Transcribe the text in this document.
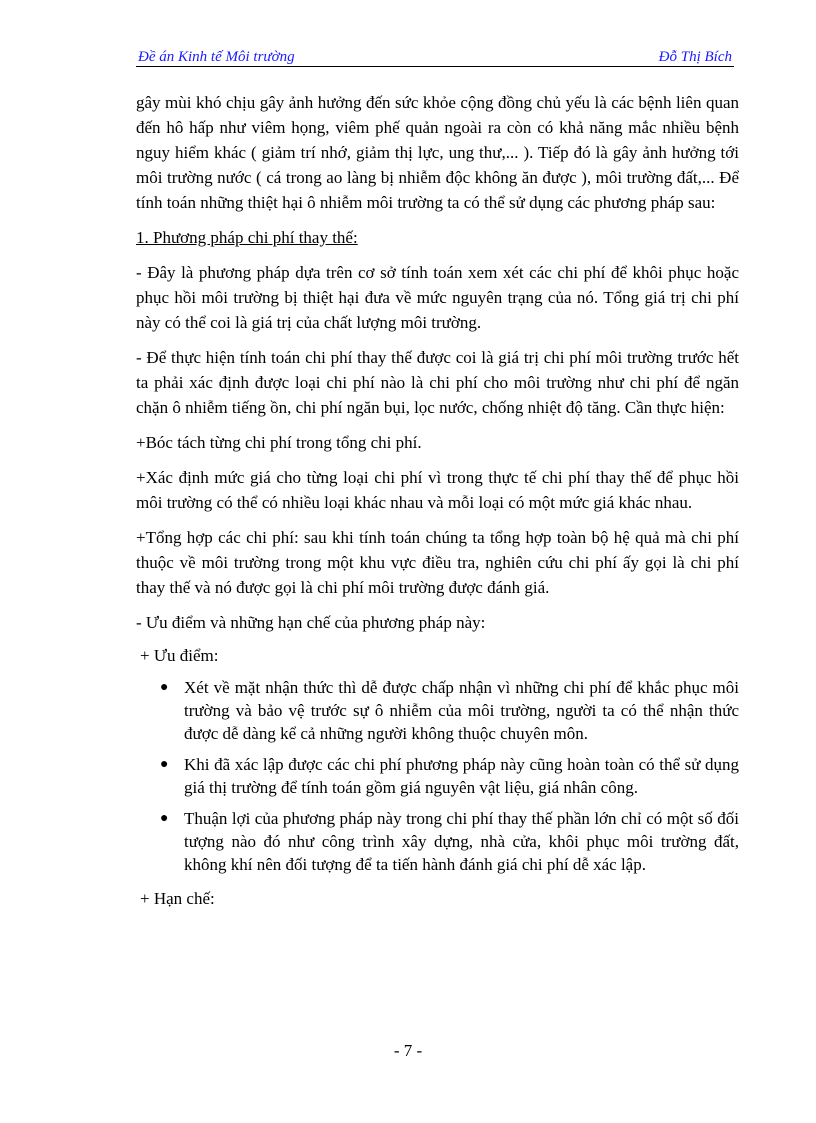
Đề án Kinh tế Môi trường	Đỗ Thị Bích

gây mùi khó chịu gây ảnh hưởng đến sức khỏe cộng đồng chủ yếu là các bệnh liên quan đến hô hấp như viêm họng, viêm phế quản ngoài ra còn có khả năng mắc nhiều bệnh nguy hiểm khác ( giảm trí nhớ, giảm thị lực, ung thư,... ). Tiếp đó là gây ảnh hưởng tới môi trường nước ( cá trong ao làng bị nhiễm độc không ăn được ), môi trường đất,... Để tính toán những thiệt hại ô nhiễm môi trường ta có thể sử dụng các phương pháp sau:

1. Phương pháp chi phí thay thế:

- Đây là phương pháp dựa trên cơ sở tính toán xem xét các chi phí để khôi phục hoặc phục hồi môi trường bị thiệt hại đưa về mức nguyên trạng của nó. Tổng giá trị chi phí này có thể coi là giá trị của chất lượng môi trường.

- Để thực hiện tính toán chi phí thay thế được coi là giá trị chi phí môi trường trước hết ta phải xác định được loại chi phí nào là chi phí cho môi trường như chi phí để ngăn chặn ô nhiễm tiếng ồn, chi phí ngăn bụi, lọc nước, chống nhiệt độ tăng. Cần thực hiện:

+Bóc tách từng chi phí trong tổng chi phí.

+Xác định mức giá cho từng loại chi phí vì trong thực tế chi phí thay thế để phục hồi môi trường có thể có nhiều loại khác nhau và mỗi loại có một mức giá khác nhau.

+Tổng hợp các chi phí: sau khi tính toán chúng ta tổng hợp toàn bộ hệ quả mà chi phí thuộc về môi trường trong một khu vực điều tra, nghiên cứu chi phí ấy gọi là chi phí thay thế và nó được gọi là chi phí môi trường được đánh giá.

- Ưu điểm và những hạn chế của phương pháp này:

+ Ưu điểm:

● Xét về mặt nhận thức thì dễ được chấp nhận vì những chi phí để khắc phục môi trường và bảo vệ trước sự ô nhiễm của môi trường, người ta có thể nhận thức được dễ dàng kể cả những người không thuộc chuyên môn.
● Khi đã xác lập được các chi phí phương pháp này cũng hoàn toàn có thể sử dụng giá thị trường để tính toán gồm giá nguyên vật liệu, giá nhân công.
● Thuận lợi của phương pháp này trong chi phí thay thế phần lớn chỉ có một số đối tượng nào đó như công trình xây dựng, nhà cửa, khôi phục môi trường đất, không khí nên đối tượng để ta tiến hành đánh giá chi phí dễ xác lập.

+ Hạn chế:

- 7 -
